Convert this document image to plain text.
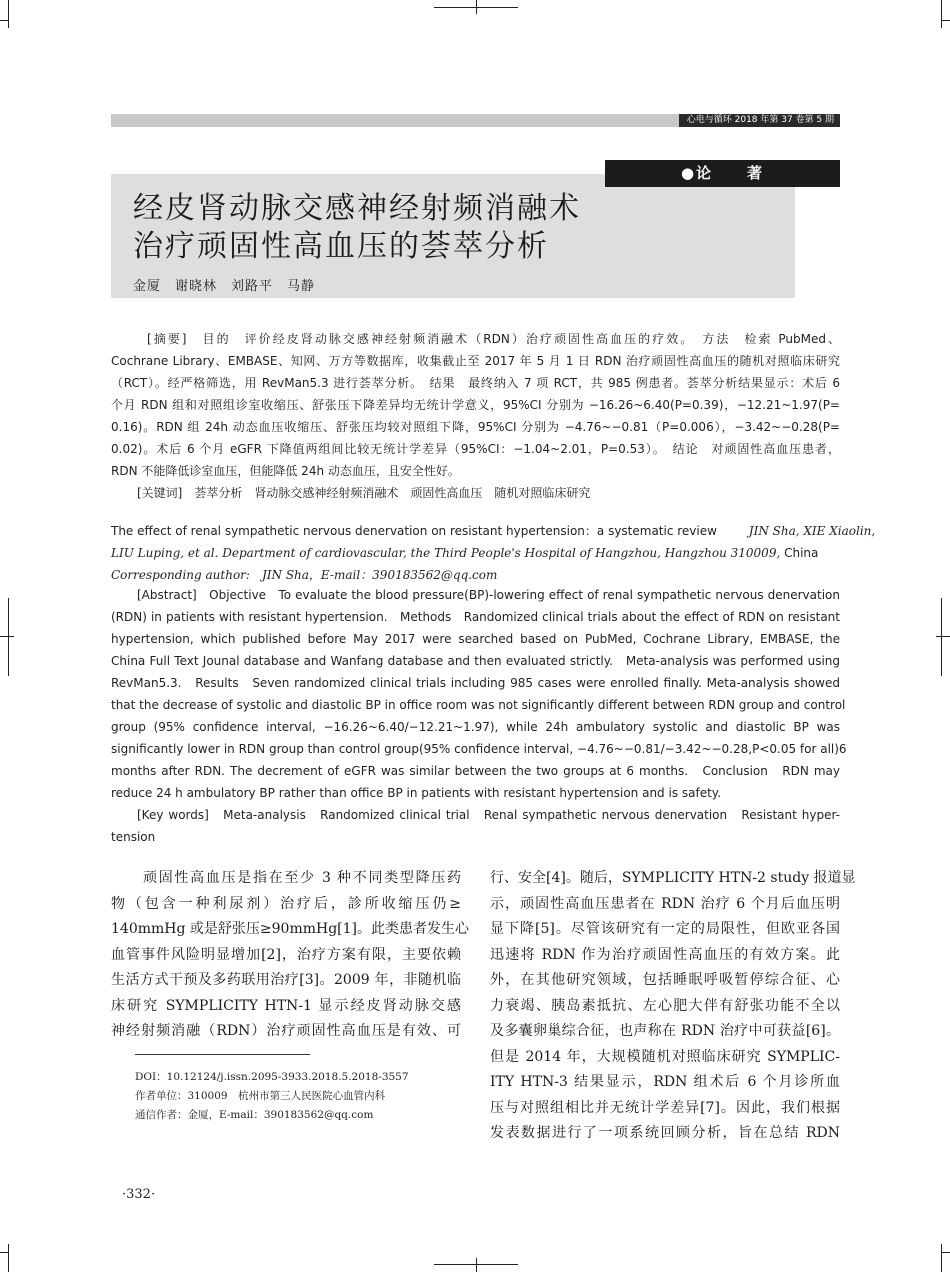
心电与循环 2018 年第 37 卷第 5 期
●论　　著
经皮肾动脉交感神经射频消融术
治疗顽固性高血压的荟萃分析
金厦　谢晓林　刘路平　马静
[摘要]　目的　评价经皮肾动脉交感神经射频消融术（RDN）治疗顽固性高血压的疗效。　方法　检索 PubMed、
Cochrane Library、EMBASE、知网、万方等数据库，收集截止至 2017 年 5 月 1 日 RDN 治疗顽固性高血压的随机对照临床研究
（RCT）。经严格筛选，用 RevMan5.3 进行荟萃分析。　结果　最终纳入 7 项 RCT，共 985 例患者。荟萃分析结果显示：术后 6
个月 RDN 组和对照组诊室收缩压、舒张压下降差异均无统计学意义，95%CI 分别为 −16.26~6.40(P=0.39)，−12.21~1.97(P=
0.16)。RDN 组 24h 动态血压收缩压、舒张压均较对照组下降，95%CI 分别为 −4.76~−0.81（P=0.006），−3.42~−0.28(P=
0.02)。术后 6 个月 eGFR 下降值两组间比较无统计学差异（95%CI：−1.04~2.01，P=0.53）。　结论　对顽固性高血压患者，
RDN 不能降低诊室血压，但能降低 24h 动态血压，且安全性好。
[关键词]　荟萃分析　肾动脉交感神经射频消融术　顽固性高血压　随机对照临床研究
The effect of renal sympathetic nervous denervation on resistant hypertension：a systematic review	JIN Sha, XIE Xiaolin,
LIU Luping, et al. Department of cardiovascular, the Third People's Hospital of Hangzhou, Hangzhou 310009, China
Corresponding author:　JIN Sha，E-mail：390183562@qq.com
[Abstract]　Objective　To evaluate the blood pressure(BP)-lowering effect of renal sympathetic nervous denervation
(RDN) in patients with resistant hypertension.　Methods　Randomized clinical trials about the effect of RDN on resistant
hypertension, which published before May 2017 were searched based on PubMed, Cochrane Library, EMBASE, the
China Full Text Jounal database and Wanfang database and then evaluated strictly.　Meta-analysis was performed using
RevMan5.3.　Results　Seven randomized clinical trials including 985 cases were enrolled finally. Meta-analysis showed
that the decrease of systolic and diastolic BP in office room was not significantly different between RDN group and control
group (95% confidence interval, −16.26~6.40/−12.21~1.97), while 24h ambulatory systolic and diastolic BP was
significantly lower in RDN group than control group(95% confidence interval, −4.76~−0.81/−3.42~−0.28,P<0.05 for all)6
months after RDN. The decrement of eGFR was similar between the two groups at 6 months.　Conclusion　RDN may
reduce 24 h ambulatory BP rather than office BP in patients with resistant hypertension and is safety.
[Key words]　Meta-analysis　Randomized clinical trial　Renal sympathetic nervous denervation　Resistant hyper-
tension
顽固性高血压是指在至少 3 种不同类型降压药
物（包含一种利尿剂）治疗后，診所收缩压仍≥
140mmHg 或是舒张压≥90mmHg[1]。此类患者发生心
血管事件风险明显增加[2]，治疗方案有限，主要依赖
生活方式干预及多药联用治疗[3]。2009 年，非随机临
床研究 SYMPLICITY HTN-1 显示经皮肾动脉交感
神经射频消融（RDN）治疗顽固性高血压是有效、可
行、安全[4]。随后，SYMPLICITY HTN-2 study 报道显
示，顽固性高血压患者在 RDN 治疗 6 个月后血压明
显下降[5]。尽管该研究有一定的局限性，但欧亚各国
迅速将 RDN 作为治疗顽固性高血压的有效方案。此
外，在其他研究领域，包括睡眠呼吸暂停综合征、心
力衰竭、胰岛素抵抗、左心肥大伴有舒张功能不全以
及多囊卵巢综合征，也声称在 RDN 治疗中可获益[6]。
但是 2014 年，大规模随机对照临床研究 SYMPLIC-
ITY HTN-3 结果显示，RDN 组术后 6 个月诊所血
压与对照组相比并无统计学差异[7]。因此，我们根据
发表数据进行了一项系统回顾分析，旨在总结 RDN
DOI：10.12124/j.issn.2095-3933.2018.5.2018-3557
作者单位：310009　杭州市第三人民医院心血管内科
通信作者：金厦，E-mail：390183562@qq.com
·332·
